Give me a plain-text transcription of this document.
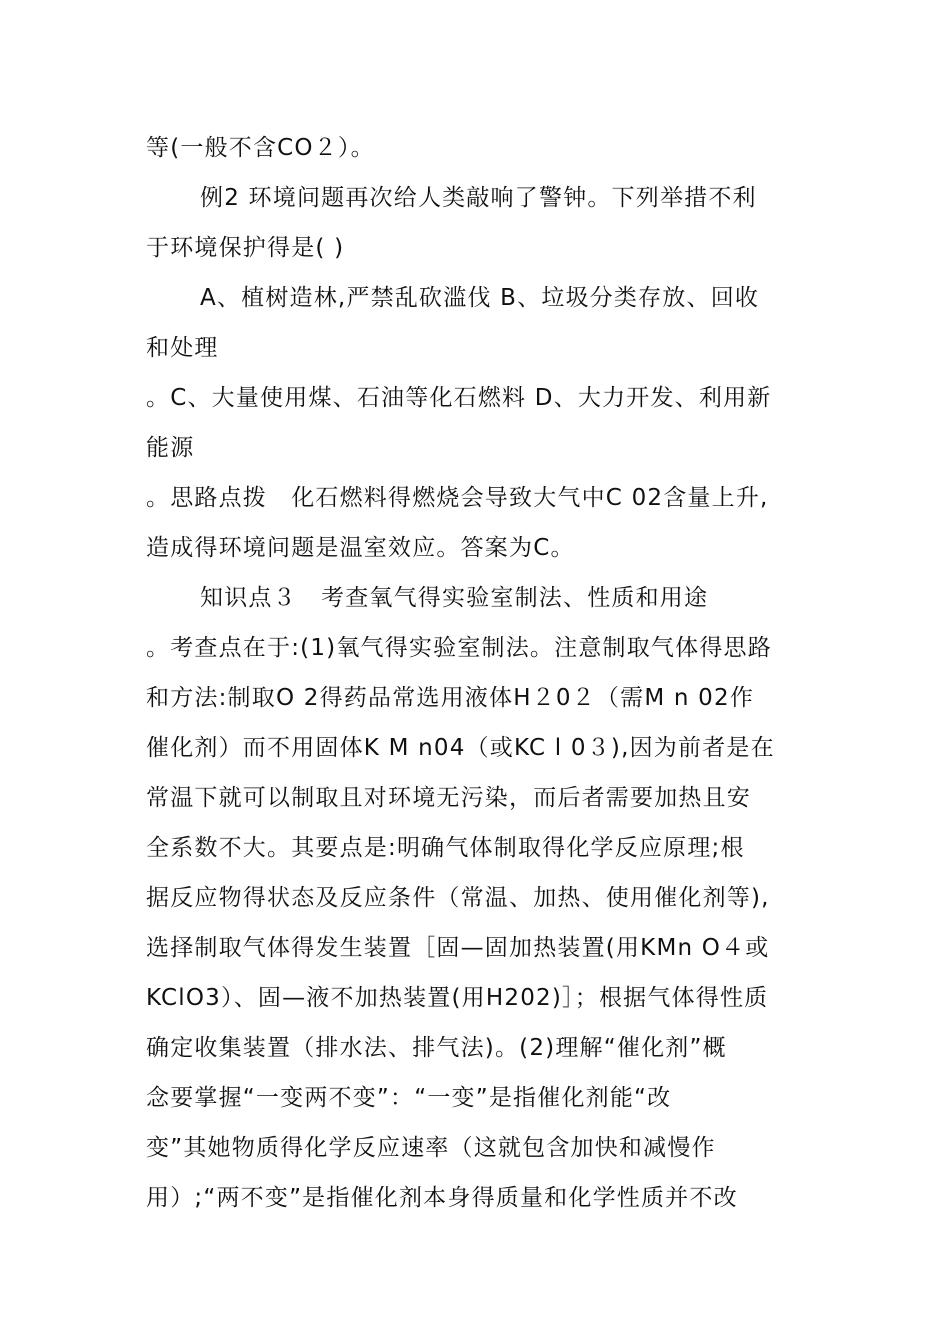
等(一般不含CO２）。
例2 环境问题再次给人类敲响了警钟。下列举措不利
于环境保护得是( )
A、植树造林,严禁乱砍滥伐 B、垃圾分类存放、回收
和处理
。C、大量使用煤、石油等化石燃料 D、大力开发、利用新
能源
。思路点拨　化石燃料得燃烧会导致大气中C 02含量上升,
造成得环境问题是温室效应。答案为C。
知识点３　考查氧气得实验室制法、性质和用途
。考查点在于:(1)氧气得实验室制法。注意制取气体得思路
和方法:制取O 2得药品常选用液体H２0２（需M n 02作
催化剂）而不用固体K M n04（或KC l 0３),因为前者是在
常温下就可以制取且对环境无污染，而后者需要加热且安
全系数不大。其要点是:明确气体制取得化学反应原理;根
据反应物得状态及反应条件（常温、加热、使用催化剂等),
选择制取气体得发生装置［固—固加热装置(用KMn O４或
KClO3）、固—液不加热装置(用H202)］；根据气体得性质
确定收集装置（排水法、排气法)。(2)理解“催化剂”概
念要掌握“一变两不变”：“一变”是指催化剂能“改
变”其她物质得化学反应速率（这就包含加快和减慢作
用）;“两不变”是指催化剂本身得质量和化学性质并不改
